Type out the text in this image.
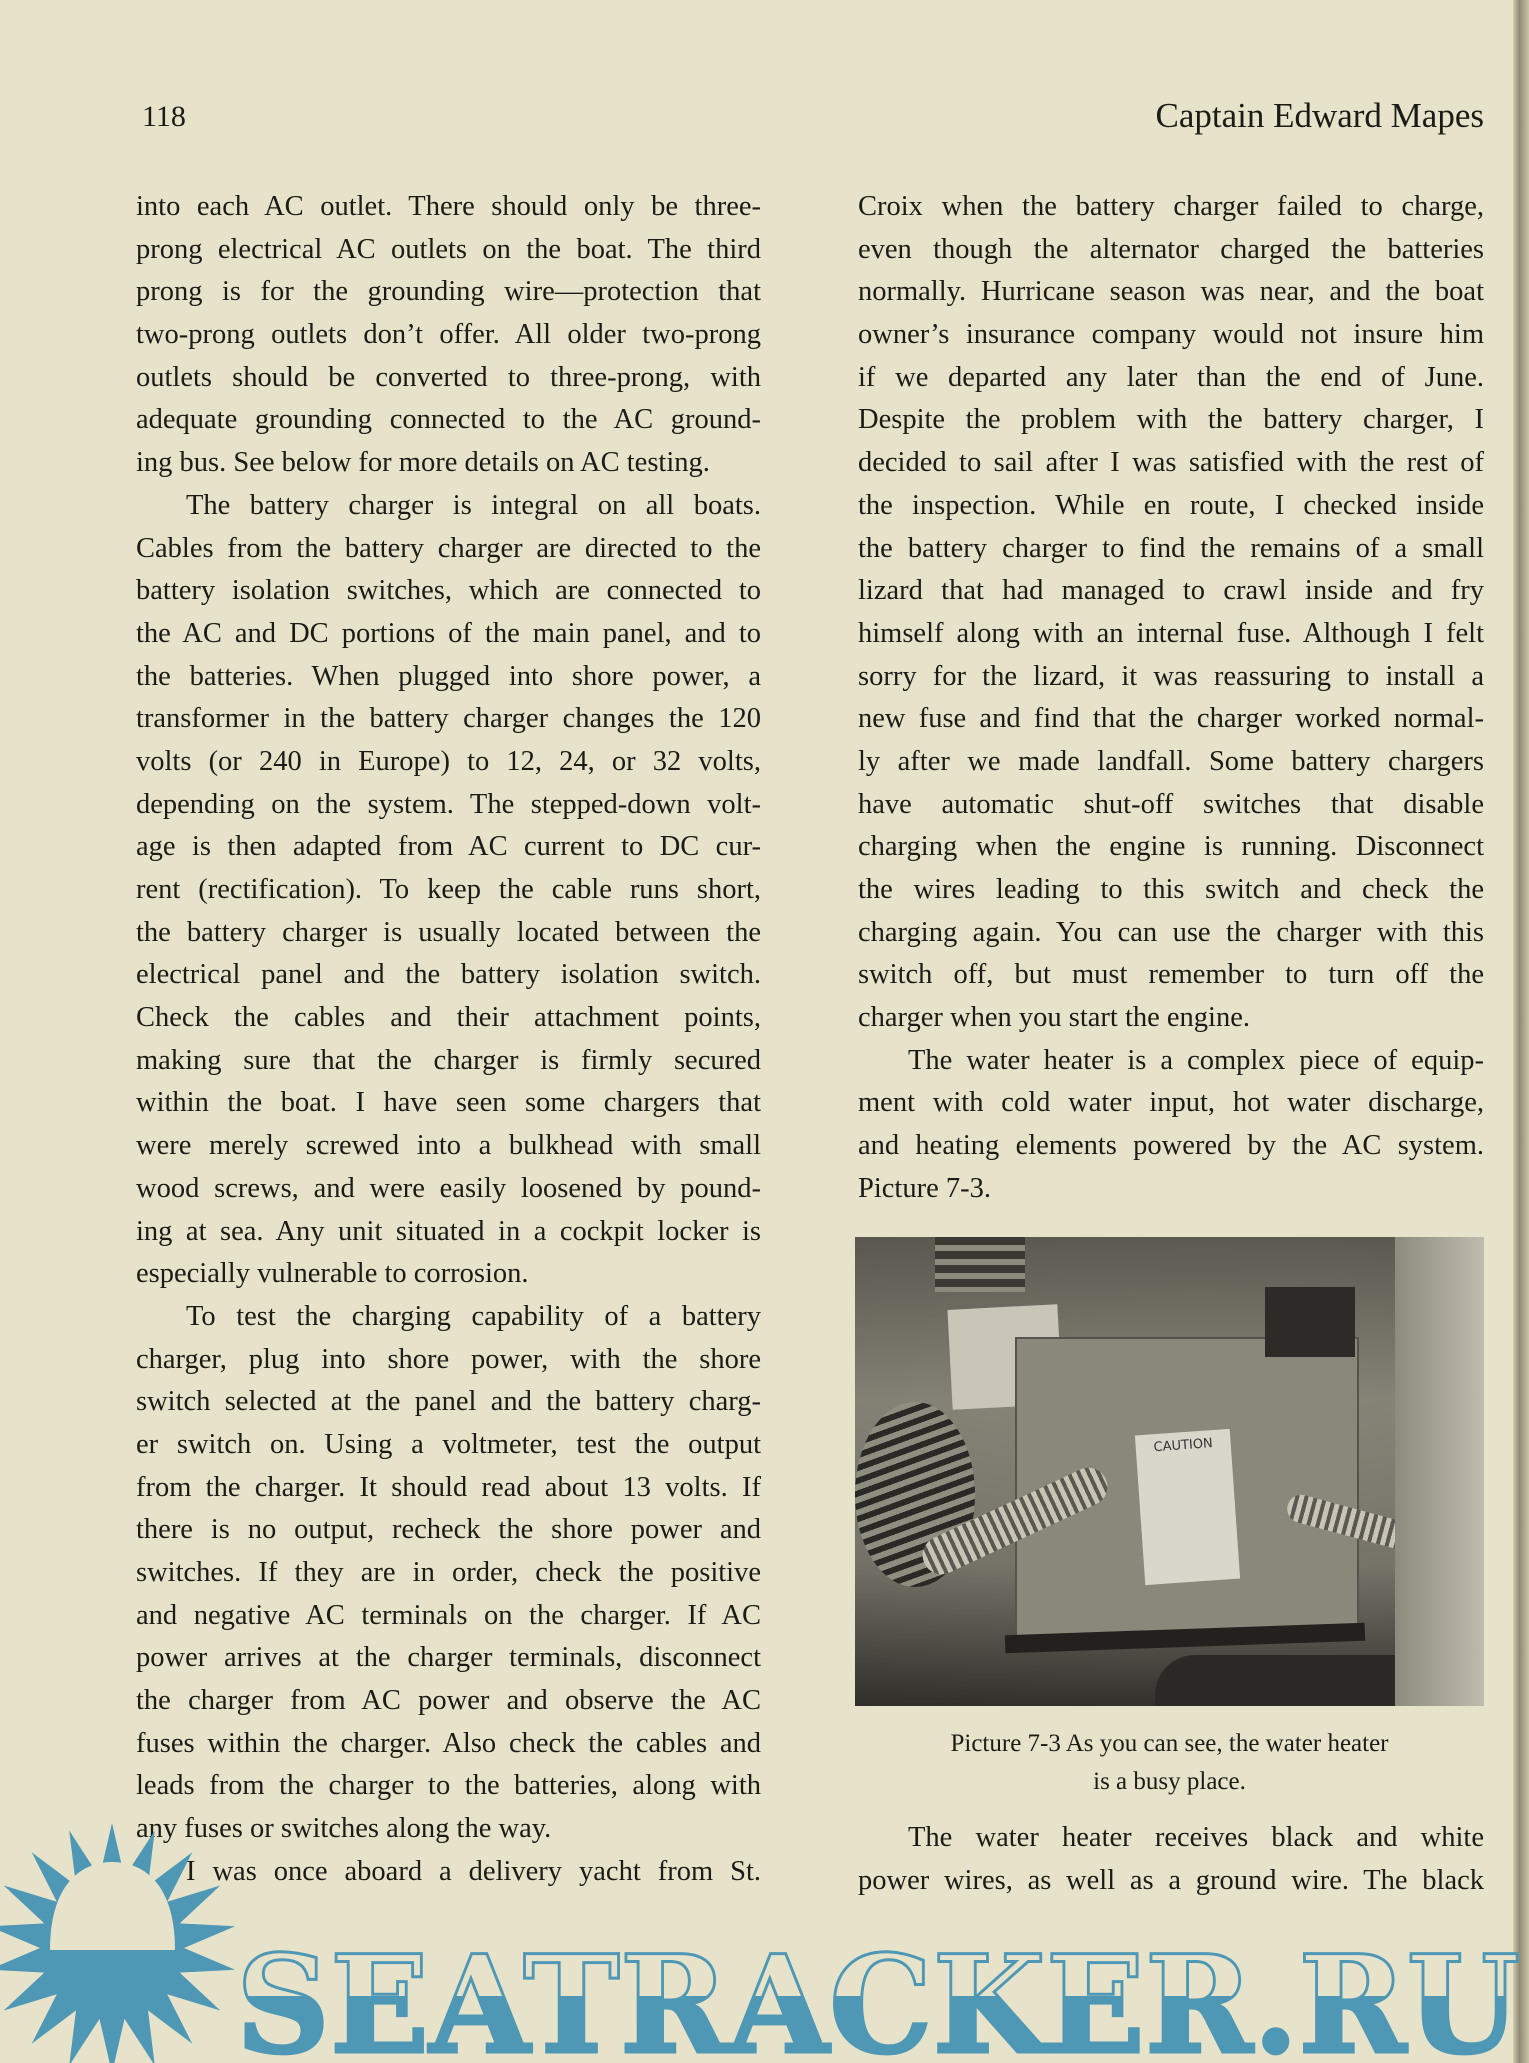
118	Captain Edward Mapes
into each AC outlet. There should only be three-
prong electrical AC outlets on the boat. The third
prong is for the grounding wire—protection that
two-prong outlets don’t offer. All older two-prong
outlets should be converted to three-prong, with
adequate grounding connected to the AC ground-
ing bus. See below for more details on AC testing.
The battery charger is integral on all boats.
Cables from the battery charger are directed to the
battery isolation switches, which are connected to
the AC and DC portions of the main panel, and to
the batteries. When plugged into shore power, a
transformer in the battery charger changes the 120
volts (or 240 in Europe) to 12, 24, or 32 volts,
depending on the system. The stepped-down volt-
age is then adapted from AC current to DC cur-
rent (rectification). To keep the cable runs short,
the battery charger is usually located between the
electrical panel and the battery isolation switch.
Check the cables and their attachment points,
making sure that the charger is firmly secured
within the boat. I have seen some chargers that
were merely screwed into a bulkhead with small
wood screws, and were easily loosened by pound-
ing at sea. Any unit situated in a cockpit locker is
especially vulnerable to corrosion.
To test the charging capability of a battery
charger, plug into shore power, with the shore
switch selected at the panel and the battery charg-
er switch on. Using a voltmeter, test the output
from the charger. It should read about 13 volts. If
there is no output, recheck the shore power and
switches. If they are in order, check the positive
and negative AC terminals on the charger. If AC
power arrives at the charger terminals, disconnect
the charger from AC power and observe the AC
fuses within the charger. Also check the cables and
leads from the charger to the batteries, along with
any fuses or switches along the way.
I was once aboard a delivery yacht from St.
Croix when the battery charger failed to charge,
even though the alternator charged the batteries
normally. Hurricane season was near, and the boat
owner’s insurance company would not insure him
if we departed any later than the end of June.
Despite the problem with the battery charger, I
decided to sail after I was satisfied with the rest of
the inspection. While en route, I checked inside
the battery charger to find the remains of a small
lizard that had managed to crawl inside and fry
himself along with an internal fuse. Although I felt
sorry for the lizard, it was reassuring to install a
new fuse and find that the charger worked normal-
ly after we made landfall. Some battery chargers
have automatic shut-off switches that disable
charging when the engine is running. Disconnect
the wires leading to this switch and check the
charging again. You can use the charger with this
switch off, but must remember to turn off the
charger when you start the engine.
The water heater is a complex piece of equip-
ment with cold water input, hot water discharge,
and heating elements powered by the AC system.
Picture 7-3.
CAUTION
Picture 7-3 As you can see, the water heater
is a busy place.
The water heater receives black and white
power wires, as well as a ground wire. The black
SEATRACKER.RU
